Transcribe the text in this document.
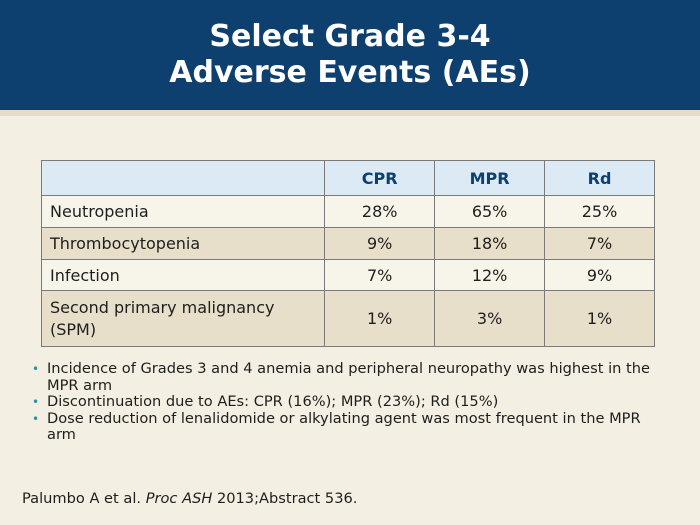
Select Grade 3-4
Adverse Events (AEs)
	CPR	MPR	Rd
Neutropenia	28%	65%	25%
Thrombocytopenia	9%	18%	7%
Infection	7%	12%	9%
Second primary malignancy (SPM)	1%	3%	1%
• Incidence of Grades 3 and 4 anemia and peripheral neuropathy was highest in the MPR arm
• Discontinuation due to AEs: CPR (16%); MPR (23%); Rd (15%)
• Dose reduction of lenalidomide or alkylating agent was most frequent in the MPR arm
Palumbo A et al. Proc ASH 2013;Abstract 536.
